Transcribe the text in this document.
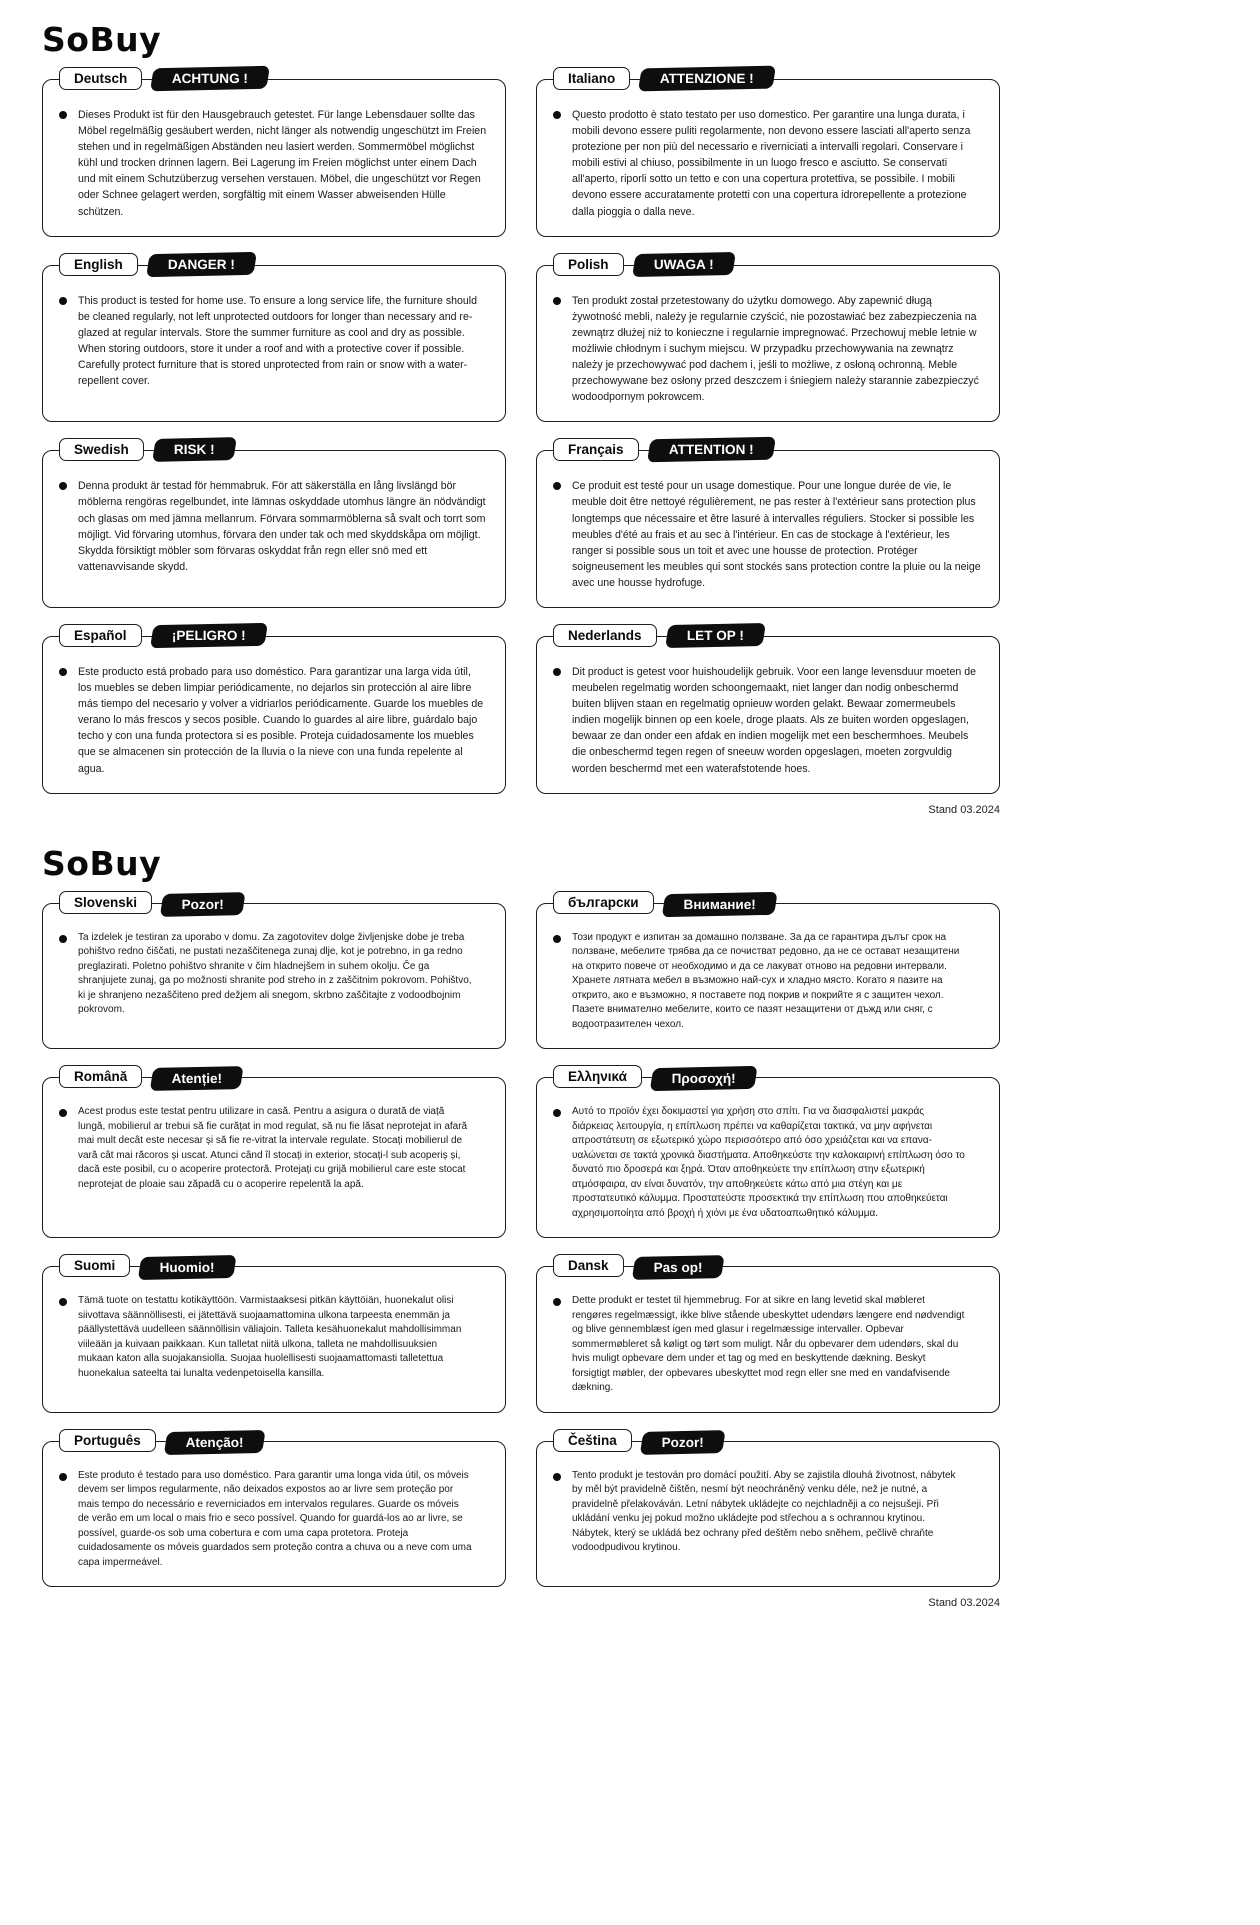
SoBuy
Deutsch	ACHTUNG !

Dieses Produkt ist für den Hausgebrauch getestet. Für lange Lebensdauer sollte das Möbel regelmäßig gesäubert werden, nicht länger als notwendig ungeschützt im Freien stehen und in regelmäßigen Abständen neu lasiert werden. Sommermöbel möglichst kühl und trocken drinnen lagern. Bei Lagerung im Freien möglichst unter einem Dach und mit einem Schutzüberzug versehen verstauen. Möbel, die ungeschützt vor Regen oder Schnee gelagert werden, sorgfältig mit einem Wasser abweisenden Hülle schützen.

Italiano	ATTENZIONE !

Questo prodotto è stato testato per uso domestico. Per garantire una lunga durata, i mobili devono essere puliti regolarmente, non devono essere lasciati all'aperto senza protezione per non più del necessario e riverniciati a intervalli regolari. Conservare i mobili estivi al chiuso, possibilmente in un luogo fresco e asciutto. Se conservati all'aperto, riporli sotto un tetto e con una copertura protettiva, se possibile. I mobili devono essere accuratamente protetti con una copertura idrorepellente a protezione dalla pioggia o dalla neve.

English	DANGER !

This product is tested for home use. To ensure a long service life, the furniture should be cleaned regularly, not left unprotected outdoors for longer than necessary and re-glazed at regular intervals. Store the summer furniture as cool and dry as possible. When storing outdoors, store it under a roof and with a protective cover if possible. Carefully protect furniture that is stored unprotected from rain or snow with a water-repellent cover.

Polish	UWAGA !

Ten produkt został przetestowany do użytku domowego. Aby zapewnić długą żywotność mebli, należy je regularnie czyścić, nie pozostawiać bez zabezpieczenia na zewnątrz dłużej niż to konieczne i regularnie impregnować. Przechowuj meble letnie w możliwie chłodnym i suchym miejscu. W przypadku przechowywania na zewnątrz należy je przechowywać pod dachem i, jeśli to możliwe, z osłoną ochronną. Meble przechowywane bez osłony przed deszczem i śniegiem należy starannie zabezpieczyć wodoodpornym pokrowcem.

Swedish	RISK !

Denna produkt är testad för hemmabruk. För att säkerställa en lång livslängd bör möblerna rengöras regelbundet, inte lämnas oskyddade utomhus längre än nödvändigt och glasas om med jämna mellanrum. Förvara sommarmöblerna så svalt och torrt som möjligt. Vid förvaring utomhus, förvara den under tak och med skyddskåpa om möjligt. Skydda försiktigt möbler som förvaras oskyddat från regn eller snö med ett vattenavvisande skydd.

Français	ATTENTION !

Ce produit est testé pour un usage domestique. Pour une longue durée de vie, le meuble doit être nettoyé régulièrement, ne pas rester à l'extérieur sans protection plus longtemps que nécessaire et être lasuré à intervalles réguliers. Stocker si possible les meubles d'été au frais et au sec à l'intérieur. En cas de stockage à l'extérieur, les ranger si possible sous un toit et avec une housse de protection. Protéger soigneusement les meubles qui sont stockés sans protection contre la pluie ou la neige avec une housse hydrofuge.

Español	¡PELIGRO !

Este producto está probado para uso doméstico. Para garantizar una larga vida útil, los muebles se deben limpiar periódicamente, no dejarlos sin protección al aire libre más tiempo del necesario y volver a vidriarlos periódicamente. Guarde los muebles de verano lo más frescos y secos posible. Cuando lo guardes al aire libre, guárdalo bajo techo y con una funda protectora si es posible. Proteja cuidadosamente los muebles que se almacenen sin protección de la lluvia o la nieve con una funda repelente al agua.

Nederlands	LET OP !

Dit product is getest voor huishoudelijk gebruik. Voor een lange levensduur moeten de meubelen regelmatig worden schoongemaakt, niet langer dan nodig onbeschermd buiten blijven staan en regelmatig opnieuw worden gelakt. Bewaar zomermeubels indien mogelijk binnen op een koele, droge plaats. Als ze buiten worden opgeslagen, bewaar ze dan onder een afdak en indien mogelijk met een beschermhoes. Meubels die onbeschermd tegen regen of sneeuw worden opgeslagen, moeten zorgvuldig worden beschermd met een waterafstotende hoes.

Stand 03.2024
SoBuy
Slovenski	Pozor!

Ta izdelek je testiran za uporabo v domu. Za zagotovitev dolge življenjske dobe je treba pohištvo redno čiščati, ne pustati nezaščitenega zunaj dlje, kot je potrebno, in ga redno preglazirati. Poletno pohištvo shranite v čim hladnejšem in suhem okolju. Če ga shranjujete zunaj, ga po možnosti shranite pod streho in z zaščitnim pokrovom. Pohištvo, ki je shranjeno nezaščiteno pred dežjem ali snegom, skrbno zaščitajte z vodoodbojnim pokrovom.

български	Внимание!

Този продукт е изпитан за домашно ползване. За да се гарантира дълъг срок на ползване, мебелите трябва да се почистват редовно, да не се остават незащитени на открито повече от необходимо и да се лакуват отново на редовни интервали. Хранете лятната мебел в възможно най-сух и хладно място. Когато я пазите на открито, ако е възможно, я поставете под покрив и покрийте я с защитен чехол. Пазете внимателно мебелите, които се пазят незащитени от дъжд или сняг, с водоотразителен чехол.

Română	Atenție!

Acest produs este testat pentru utilizare in casă. Pentru a asigura o durată de viață lungă, mobilierul ar trebui să fie curățat in mod regulat, să nu fie lăsat neprotejat in afară mai mult decât este necesar și să fie re-vitrat la intervale regulate. Stocați mobilierul de vară cât mai răcoros și uscat. Atunci când îl stocați in exterior, stocați-l sub acoperiș și, dacă este posibil, cu o acoperire protectoră. Protejați cu grijă mobilierul care este stocat neprotejat de ploaie sau zăpadă cu o acoperire repelentă la apă.

Ελληνικά	Προσοχή!

Αυτό το προϊόν έχει δοκιμαστεί για χρήση στο σπίτι. Για να διασφαλιστεί μακράς διάρκειας λειτουργία, η επίπλωση πρέπει να καθαρίζεται τακτικά, να μην αφήνεται απροστάτευτη σε εξωτερικό χώρο περισσότερο από όσο χρειάζεται και να επανα-υαλώνεται σε τακτά χρονικά διαστήματα. Αποθηκεύστε την καλοκαιρινή επίπλωση όσο το δυνατό πιο δροσερά και ξηρά. Όταν αποθηκεύετε την επίπλωση στην εξωτερική ατμόσφαιρα, αν είναι δυνατόν, την αποθηκεύετε κάτω από μια στέγη και με προστατευτικό κάλυμμα. Προστατεύστε προσεκτικά την επίπλωση που αποθηκεύεται αχρησιμοποίητα από βροχή ή χιόνι με ένα υδατοαπωθητικό κάλυμμα.

Suomi	Huomio!

Tämä tuote on testattu kotikäyttöön. Varmistaaksesi pitkän käyttöiän, huonekalut olisi siivottava säännöllisesti, ei jätettävä suojaamattomina ulkona tarpeesta enemmän ja päällystettävä uudelleen säännöllisin väliajoin. Talleta kesähuonekalut mahdollisimman viileään ja kuivaan paikkaan. Kun talletat niitä ulkona, talleta ne mahdollisuuksien mukaan katon alla suojakansiolla. Suojaa huolellisesti suojaamattomasti talletettua huonekalua sateelta tai lunalta vedenpetoisella kansilla.

Dansk	Pas op!

Dette produkt er testet til hjemmebrug. For at sikre en lang levetid skal møbleret rengøres regelmæssigt, ikke blive stående ubeskyttet udendørs længere end nødvendigt og blive gennemblæst igen med glasur i regelmæssige intervaller. Opbevar sommermøbleret så køligt og tørt som muligt. Når du opbevarer dem udendørs, skal du hvis muligt opbevare dem under et tag og med en beskyttende dækning. Beskyt forsigtigt møbler, der opbevares ubeskyttet mod regn eller sne med en vandafvisende dækning.

Português	Atenção!

Este produto é testado para uso doméstico. Para garantir uma longa vida útil, os móveis devem ser limpos regularmente, não deixados expostos ao ar livre sem proteção por mais tempo do necessário e reverniciados em intervalos regulares. Guarde os móveis de verão em um local o mais frio e seco possível. Quando for guardá-los ao ar livre, se possível, guarde-os sob uma cobertura e com uma capa protetora. Proteja cuidadosamente os móveis guardados sem proteção contra a chuva ou a neve com uma capa impermeável.

Čeština	Pozor!

Tento produkt je testován pro domácí použití. Aby se zajistila dlouhá životnost, nábytek by měl být pravidelně čištěn, nesmí být neochráněný venku déle, než je nutné, a pravidelně přelakováván. Letní nábytek ukládejte co nejchladněji a co nejsušeji. Při ukládání venku jej pokud možno ukládejte pod střechou a s ochrannou krytinou. Nábytek, který se ukládá bez ochrany před deštěm nebo sněhem, pečlivě chraňte vodoodpudivou krytinou.

Stand 03.2024
